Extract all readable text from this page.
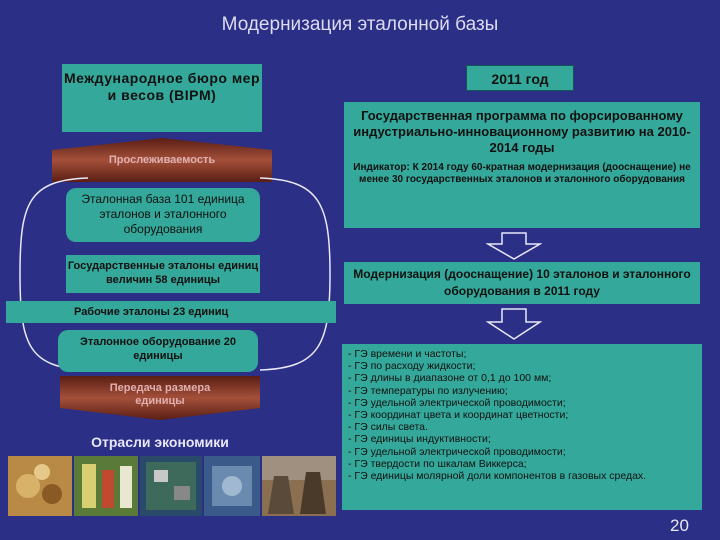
Модернизация эталонной базы
Международное бюро мер и весов (BIPM)
Прослеживаемость
Эталонная база 101 единица эталонов и эталонного оборудования
Государственные эталоны единиц величин 58 единицы
Рабочие эталоны 23 единиц
Эталонное оборудование 20 единицы
Передача размера единицы
Отрасли экономики
2011 год
Государственная программа по форсированному индустриально-инновационному развитию на 2010-2014 годы
Индикатор: К 2014 году 60-кратная модернизация (дооснащение) не менее 30 государственных эталонов и эталонного оборудования
Модернизация (дооснащение) 10 эталонов и эталонного оборудования в 2011 году
- ГЭ времени и частоты;
- ГЭ по расходу жидкости;
- ГЭ длины в диапазоне от 0,1 до 100 мм;
- ГЭ температуры по излучению;
- ГЭ удельной электрической проводимости;
- ГЭ координат цвета и координат цветности;
- ГЭ силы света.
- ГЭ единицы индуктивности;
- ГЭ удельной электрической проводимости;
- ГЭ твердости по шкалам Виккерса;
- ГЭ единицы молярной доли компонентов в газовых средах.
20
